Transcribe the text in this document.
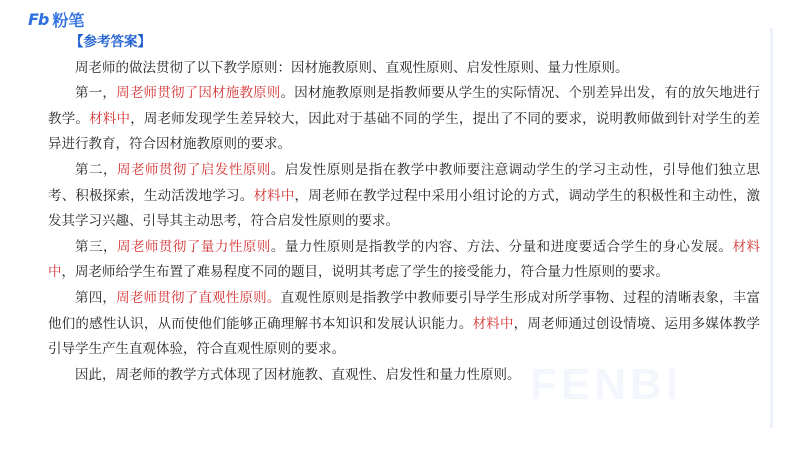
Fb 粉笔
FENBI
【参考答案】

周老师的做法贯彻了以下教学原则：因材施教原则、直观性原则、启发性原则、量力性原则。

第一，周老师贯彻了因材施教原则。因材施教原则是指教师要从学生的实际情况、个别差异出发，有的放矢地进行教学。材料中，周老师发现学生差异较大，因此对于基础不同的学生，提出了不同的要求，说明教师做到针对学生的差异进行教育，符合因材施教原则的要求。

第二，周老师贯彻了启发性原则。启发性原则是指在教学中教师要注意调动学生的学习主动性，引导他们独立思考、积极探索，生动活泼地学习。材料中，周老师在教学过程中采用小组讨论的方式，调动学生的积极性和主动性，激发其学习兴趣、引导其主动思考，符合启发性原则的要求。

第三，周老师贯彻了量力性原则。量力性原则是指教学的内容、方法、分量和进度要适合学生的身心发展。材料中，周老师给学生布置了难易程度不同的题目，说明其考虑了学生的接受能力，符合量力性原则的要求。

第四，周老师贯彻了直观性原则。直观性原则是指教学中教师要引导学生形成对所学事物、过程的清晰表象，丰富他们的感性认识，从而使他们能够正确理解书本知识和发展认识能力。材料中，周老师通过创设情境、运用多媒体教学引导学生产生直观体验，符合直观性原则的要求。

因此，周老师的教学方式体现了因材施教、直观性、启发性和量力性原则。
